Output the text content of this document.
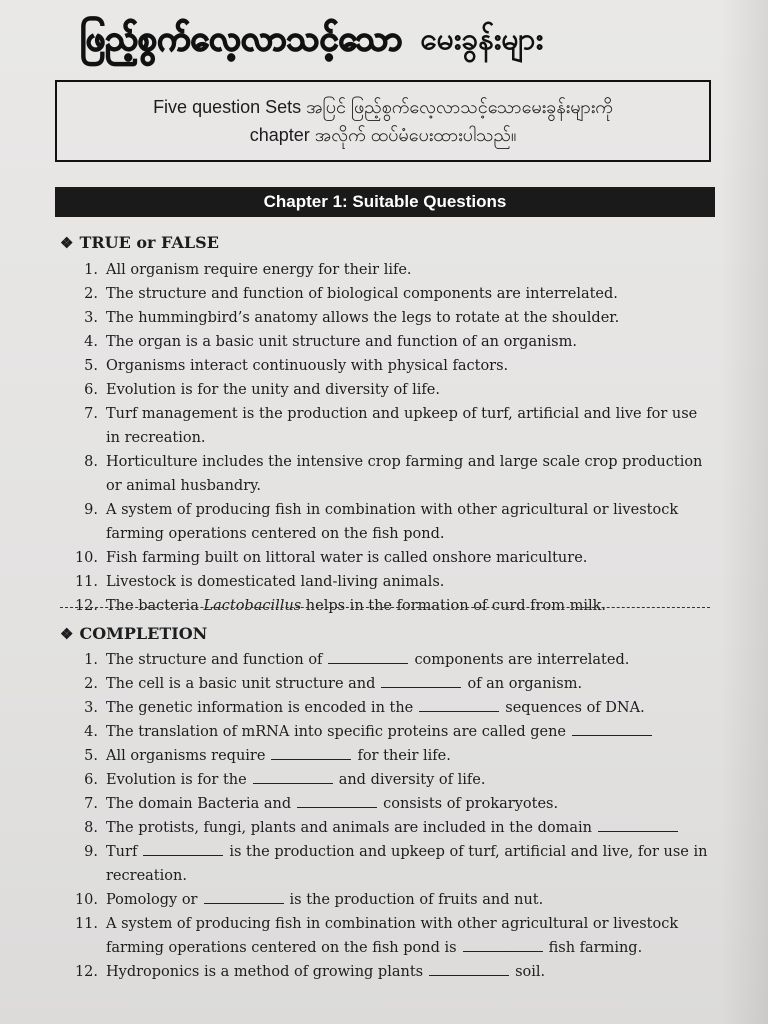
ဖြည့်စွက်လေ့လာသင့်သော မေးခွန်းများ
Five question Sets အပြင် ဖြည့်စွက်လေ့လာသင့်သောမေးခွန်းများကို
chapter အလိုက် ထပ်မံပေးထားပါသည်။
Chapter 1: Suitable Questions
❖ TRUE or FALSE
1. All organism require energy for their life.
2. The structure and function of biological components are interrelated.
3. The hummingbird’s anatomy allows the legs to rotate at the shoulder.
4. The organ is a basic unit structure and function of an organism.
5. Organisms interact continuously with physical factors.
6. Evolution is for the unity and diversity of life.
7. Turf management is the production and upkeep of turf, artificial and live for use in recreation.
8. Horticulture includes the intensive crop farming and large scale crop production or animal husbandry.
9. A system of producing fish in combination with other agricultural or livestock farming operations centered on the fish pond.
10. Fish farming built on littoral water is called onshore mariculture.
11. Livestock is domesticated land-living animals.
12. The bacteria Lactobacillus helps in the formation of curd from milk.
❖ COMPLETION
1. The structure and function of	components are interrelated.
2. The cell is a basic unit structure and	of an organism.
3. The genetic information is encoded in the	sequences of DNA.
4. The translation of mRNA into specific proteins are called gene
5. All organisms require	for their life.
6. Evolution is for the	and diversity of life.
7. The domain Bacteria and	consists of prokaryotes.
8. The protists, fungi, plants and animals are included in the domain
9. Turf	is the production and upkeep of turf, artificial and live, for use in recreation.
10. Pomology or	is the production of fruits and nut.
11. A system of producing fish in combination with other agricultural or livestock farming operations centered on the fish pond is	fish farming.
12. Hydroponics is a method of growing plants	soil.
